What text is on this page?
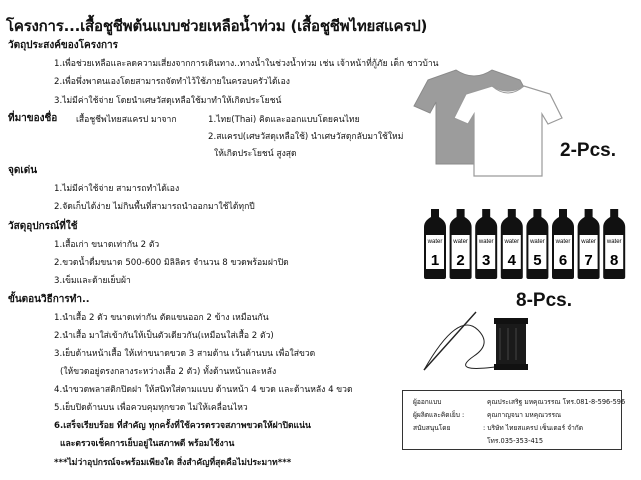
โครงการ...เสื้อชูชีพต้นแบบช่วยเหลือน้ำท่วม (เสื้อชูชีพไทยสแครป)
วัตถุประสงค์ของโครงการ
1.เพื่อช่วยเหลือและลดความเสี่ยงจากการเดินทาง..ทางน้ำในช่วงน้ำท่วม เช่น เจ้าหน้าที่กู้ภัย เด็ก ชาวบ้าน
2.เพื่อพึ่งพาตนเองโดยสามารถจัดทำไว้ใช้ภายในครอบครัวได้เอง
3.ไม่มีค่าใช้จ่าย โดยนำเศษวัสดุเหลือใช้มาทำให้เกิดประโยชน์
ที่มาของชื่อ เสื้อชูชีพไทยสแครป มาจาก	1.ไทย(Thai) คิดและออกแบบโดยคนไทย
2.สแครป(เศษวัสดุเหลือใช้) นำเศษวัสดุกลับมาใช้ใหม่
ให้เกิดประโยชน์ สูงสุด
จุดเด่น
1.ไม่มีค่าใช้จ่าย สามารถทำได้เอง
2.จัดเก็บได้ง่าย ไม่กินพื้นที่สามารถนำออกมาใช้ได้ทุกปี
วัสดุอุปกรณ์ที่ใช้
1.เสื้อเก่า ขนาดเท่ากัน 2 ตัว
2.ขวดน้ำดื่มขนาด 500-600 มิลิลิตร จำนวน 8 ขวดพร้อมฝาปิด
3.เข็มและด้ายเย็บผ้า
ขั้นตอนวิธีการทำ..
1.นำเสื้อ 2 ตัว ขนาดเท่ากัน ตัดแขนออก 2 ข้าง เหมือนกัน
2.นำเสื้อ มาใส่เข้ากันให้เป็นตัวเดียวกัน(เหมือนใส่เสื้อ 2 ตัว)
3.เย็บด้านหน้าเสื้อ ให้เท่าขนาดขวด 3 สามด้าน เว้นด้านบน เพื่อใส่ขวด
(ให้ขวดอยู่ตรงกลางระหว่างเสื้อ 2 ตัว) ทั้งด้านหน้าและหลัง
4.นำขวดพลาสติกปิดฝา ให้สนิทใส่ตามแบบ ด้านหน้า 4 ขวด และด้านหลัง 4 ขวด
5.เย็บปิดด้านบน เพื่อควบคุมทุกขวด ไม่ให้เคลื่อนไหว
6.เสร็จเรียบร้อย ที่สำคัญ ทุกครั้งที่ใช้ควรตรวจสภาพขวดให้ฝาปิดแน่น
และตรวจเช็คการเย็บอยู่ในสภาพดี พร้อมใช้งาน
***ไม่ว่าอุปกรณ์จะพร้อมเพียงใด สิ่งสำคัญที่สุดคือไม่ประมาท***
2-Pcs.
water
1
water
2
water
3
water
4
water
5
water
6
water
7
water
8
8-Pcs.
ผู้ออกแบบ	คุณประเสริฐ มหคุณวรรณ โทร.081-8-596-596
ผู้ผลิตและคิดเย็บ :	คุณกาญจนา มหคุณวรรณ
สนับสนุนโดย	: บริษัท ไทยสแครป เซ็นเตอร์ จำกัด
โทร.035-353-415
